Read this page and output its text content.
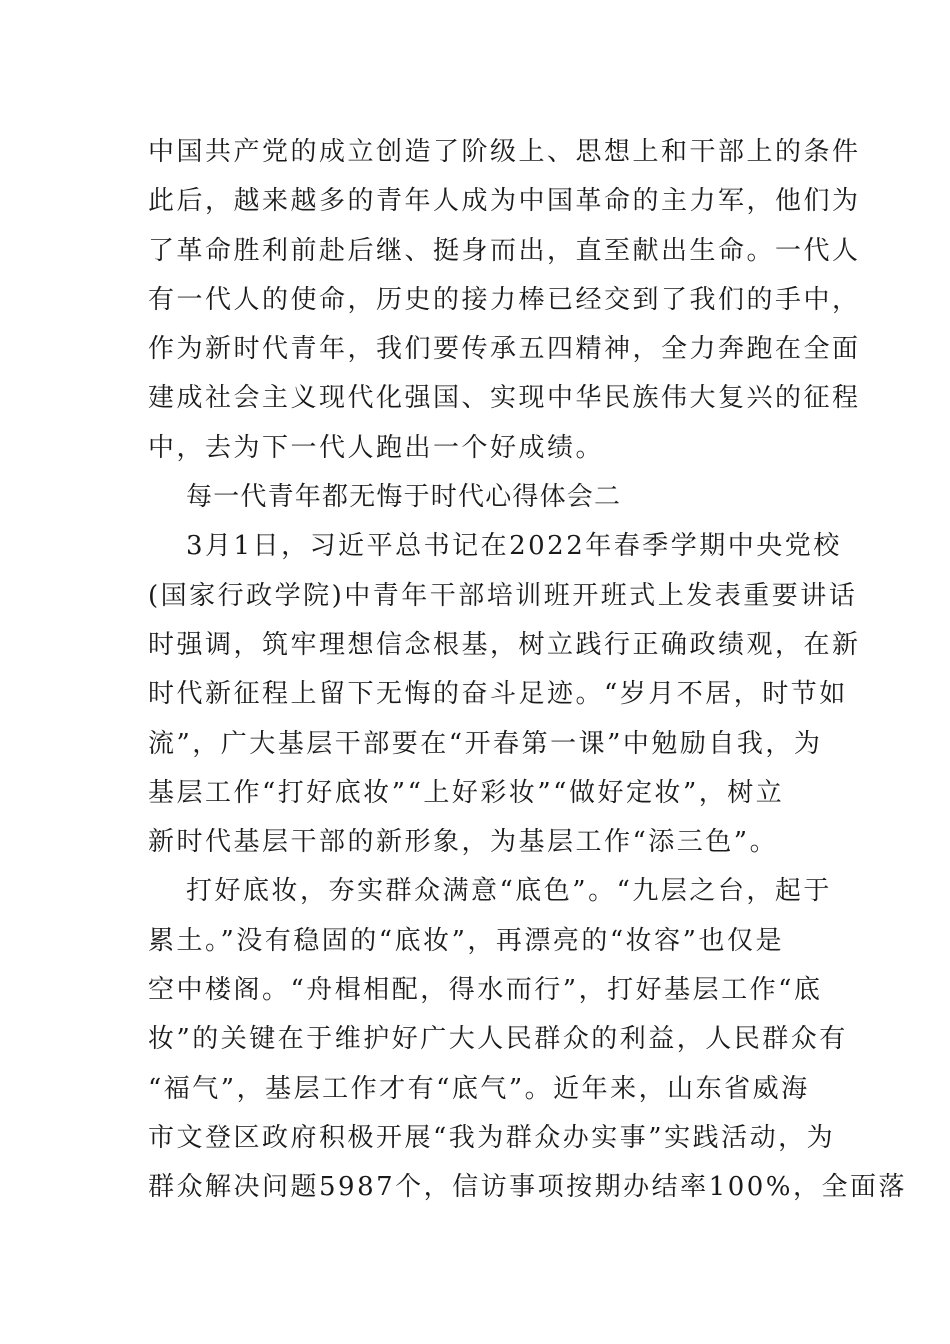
中国共产党的成立创造了阶级上、思想上和干部上的条件
此后，越来越多的青年人成为中国革命的主力军，他们为
了革命胜利前赴后继、挺身而出，直至献出生命。一代人
有一代人的使命，历史的接力棒已经交到了我们的手中，
作为新时代青年，我们要传承五四精神，全力奔跑在全面
建成社会主义现代化强国、实现中华民族伟大复兴的征程
中，去为下一代人跑出一个好成绩。
每一代青年都无悔于时代心得体会二
3月1日，习近平总书记在2022年春季学期中央党校
(国家行政学院)中青年干部培训班开班式上发表重要讲话
时强调，筑牢理想信念根基，树立践行正确政绩观，在新
时代新征程上留下无悔的奋斗足迹。“岁月不居，时节如
流”，广大基层干部要在“开春第一课”中勉励自我，为
基层工作“打好底妆”“上好彩妆”“做好定妆”，树立
新时代基层干部的新形象，为基层工作“添三色”。
打好底妆，夯实群众满意“底色”。“九层之台，起于
累土。”没有稳固的“底妆”，再漂亮的“妆容”也仅是
空中楼阁。“舟楫相配，得水而行”，打好基层工作“底
妆”的关键在于维护好广大人民群众的利益，人民群众有
“福气”，基层工作才有“底气”。近年来，山东省威海
市文登区政府积极开展“我为群众办实事”实践活动，为
群众解决问题5987个，信访事项按期办结率100%，全面落
